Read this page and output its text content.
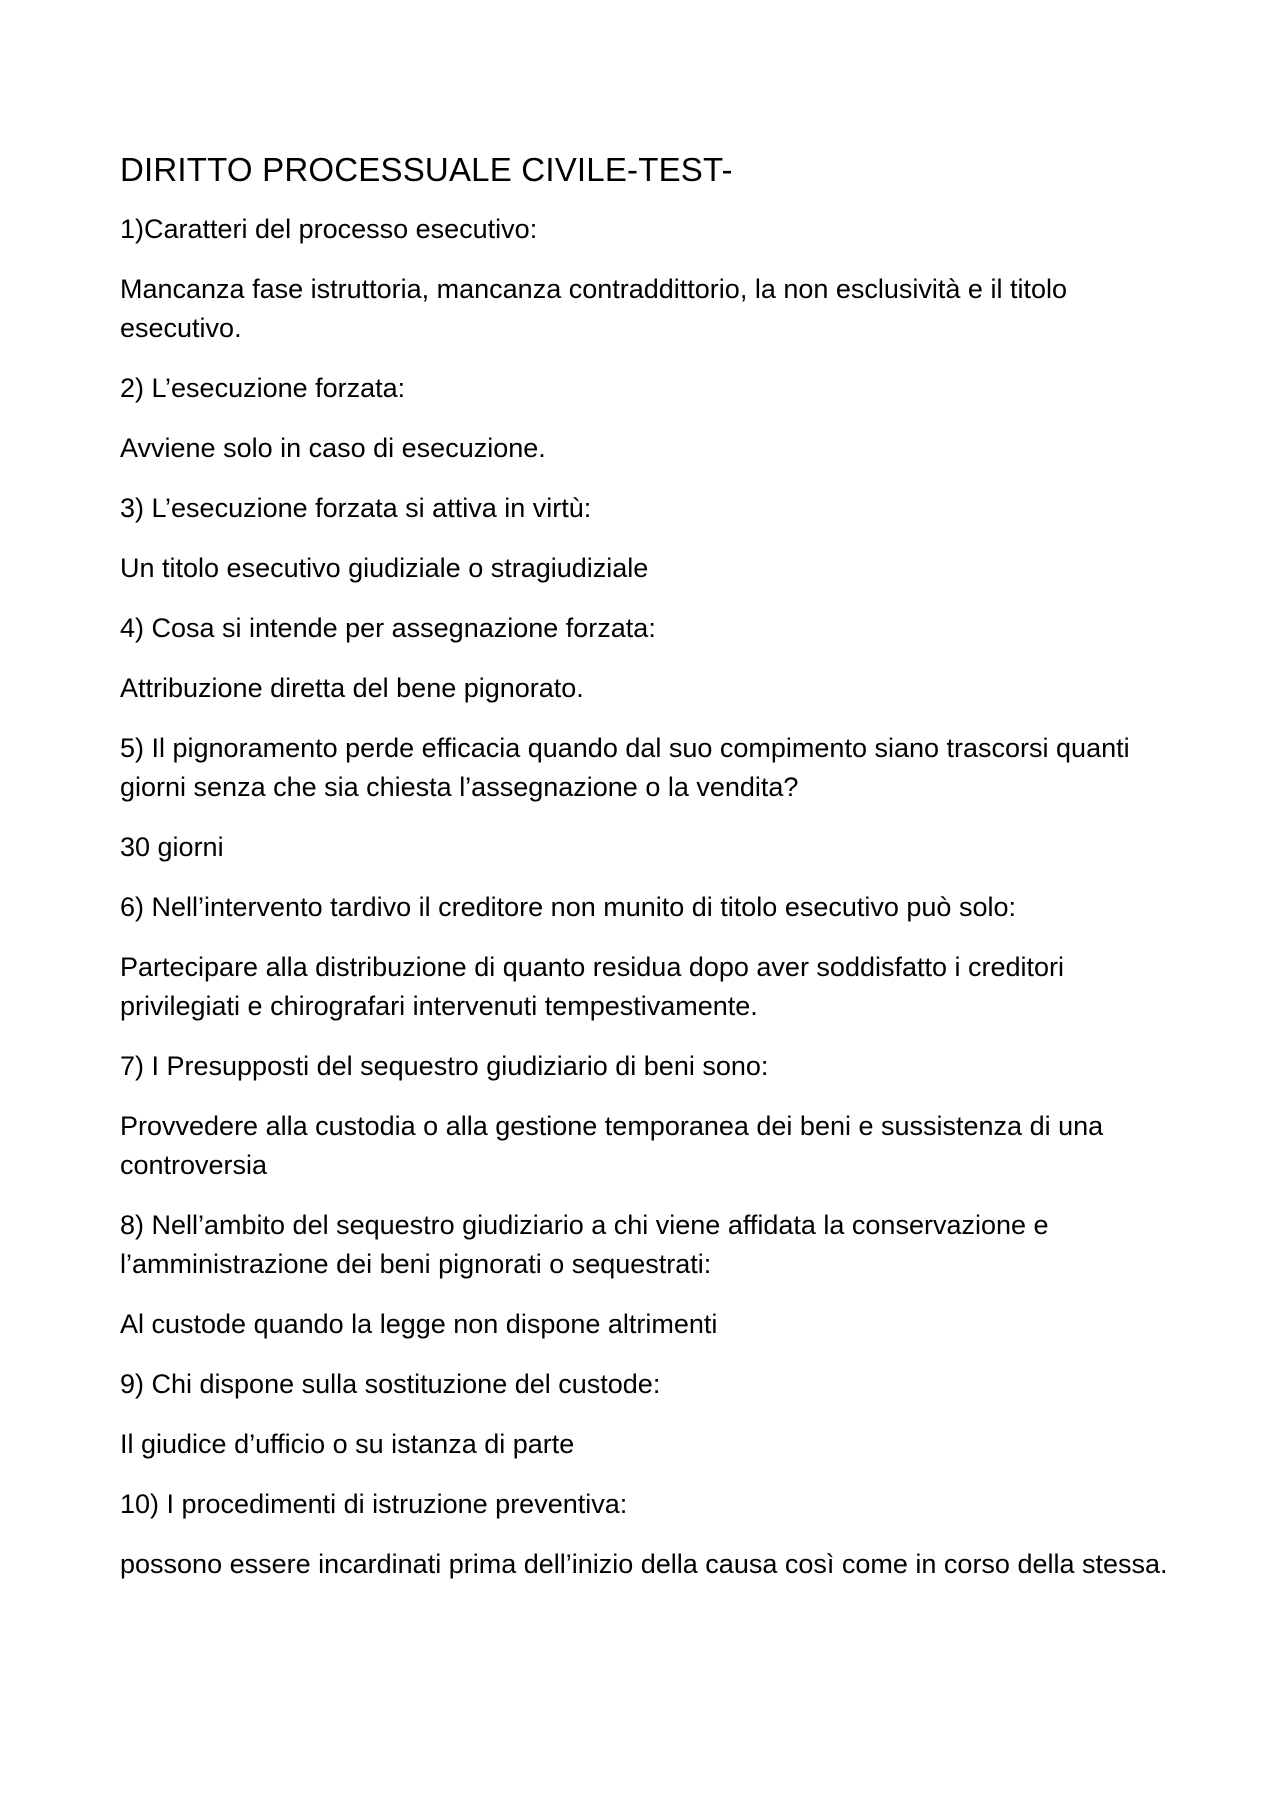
DIRITTO PROCESSUALE CIVILE-TEST-
1)Caratteri del processo esecutivo:
Mancanza fase istruttoria, mancanza contraddittorio, la non esclusività e il titolo esecutivo.
2) L’esecuzione forzata:
Avviene solo in caso di esecuzione.
3) L’esecuzione forzata si attiva in virtù:
Un titolo esecutivo giudiziale o stragiudiziale
4) Cosa si intende per assegnazione forzata:
Attribuzione diretta del bene pignorato.
5) Il pignoramento perde efficacia quando dal suo compimento siano trascorsi quanti giorni senza che sia chiesta l’assegnazione o la vendita?
30 giorni
6) Nell’intervento tardivo il creditore non munito di titolo esecutivo può solo:
Partecipare alla distribuzione di quanto residua dopo aver soddisfatto i creditori privilegiati e chirografari intervenuti tempestivamente.
7) I Presupposti del sequestro giudiziario di beni sono:
Provvedere alla custodia o alla gestione temporanea dei beni e sussistenza di una controversia
8) Nell’ambito del sequestro giudiziario a chi viene affidata la conservazione e l’amministrazione dei beni pignorati o sequestrati:
Al custode quando la legge non dispone altrimenti
9) Chi dispone sulla sostituzione del custode:
Il giudice d’ufficio o su istanza di parte
10) I procedimenti di istruzione preventiva:
possono essere incardinati prima dell’inizio della causa così come in corso della stessa.
